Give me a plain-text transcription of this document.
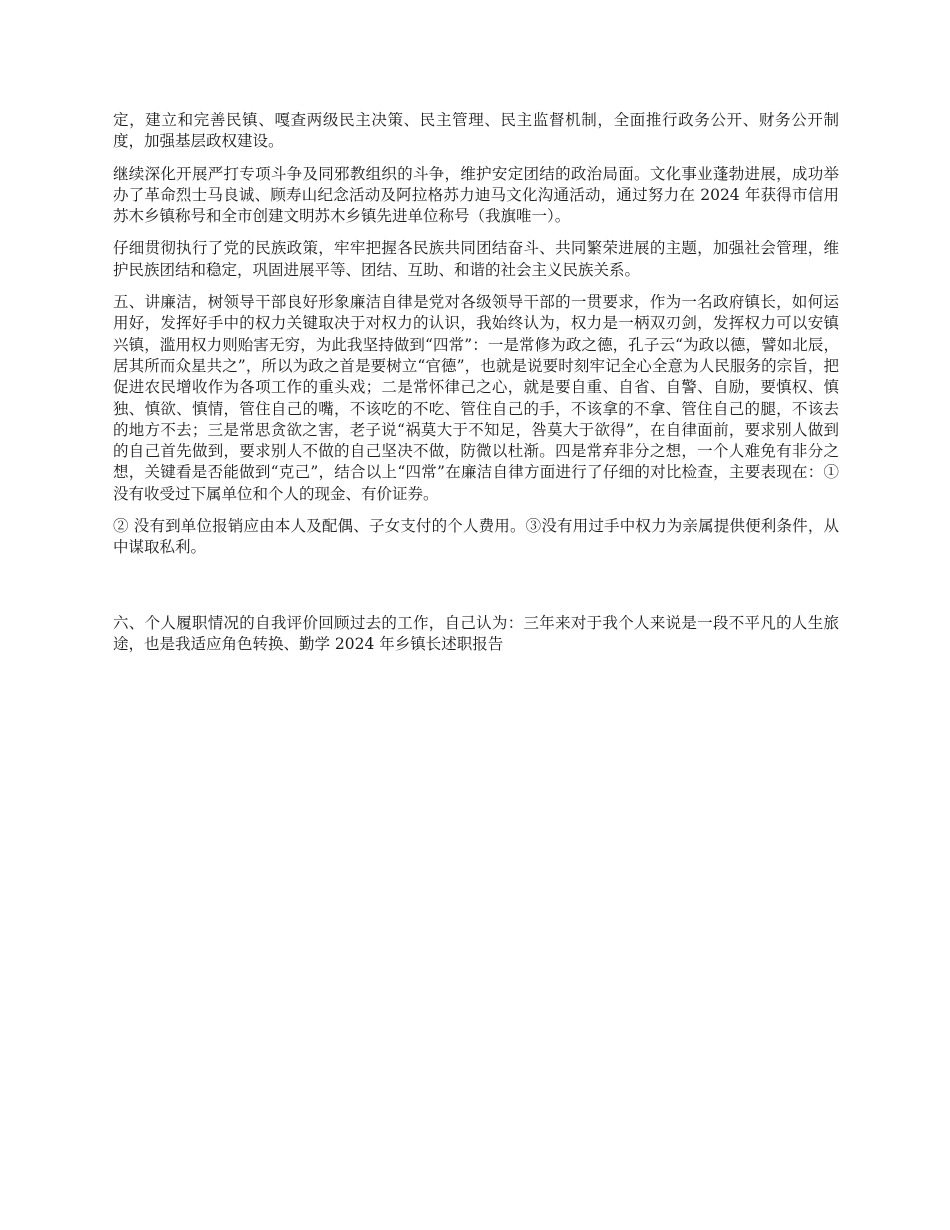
定，建立和完善民镇、嘎查两级民主决策、民主管理、民主监督机制，全面推行政务公开、财务公开制度，加强基层政权建设。

继续深化开展严打专项斗争及同邪教组织的斗争，维护安定团结的政治局面。文化事业蓬勃进展，成功举办了革命烈士马良诚、顾寿山纪念活动及阿拉格苏力迪马文化沟通活动，通过努力在 2024 年获得市信用苏木乡镇称号和全市创建文明苏木乡镇先进单位称号（我旗唯一）。

仔细贯彻执行了党的民族政策，牢牢把握各民族共同团结奋斗、共同繁荣进展的主题，加强社会管理，维护民族团结和稳定，巩固进展平等、团结、互助、和谐的社会主义民族关系。

五、讲廉洁，树领导干部良好形象廉洁自律是党对各级领导干部的一贯要求，作为一名政府镇长，如何运用好，发挥好手中的权力关键取决于对权力的认识，我始终认为，权力是一柄双刃剑，发挥权力可以安镇兴镇，滥用权力则贻害无穷，为此我坚持做到“四常”：一是常修为政之德，孔子云“为政以德，譬如北辰，居其所而众星共之”，所以为政之首是要树立“官德”，也就是说要时刻牢记全心全意为人民服务的宗旨，把促进农民增收作为各项工作的重头戏；二是常怀律己之心，就是要自重、自省、自警、自励，要慎权、慎独、慎欲、慎情，管住自己的嘴，不该吃的不吃、管住自己的手，不该拿的不拿、管住自己的腿，不该去的地方不去；三是常思贪欲之害，老子说“祸莫大于不知足，咎莫大于欲得”，在自律面前，要求别人做到的自己首先做到，要求别人不做的自己坚决不做，防微以杜渐。四是常弃非分之想，一个人难免有非分之想，关键看是否能做到“克己”，结合以上“四常”在廉洁自律方面进行了仔细的对比检查，主要表现在：①没有收受过下属单位和个人的现金、有价证券。

② 没有到单位报销应由本人及配偶、子女支付的个人费用。③没有用过手中权力为亲属提供便利条件，从中谋取私利。

六、个人履职情况的自我评价回顾过去的工作，自己认为：三年来对于我个人来说是一段不平凡的人生旅途，也是我适应角色转换、勤学 2024 年乡镇长述职报告
